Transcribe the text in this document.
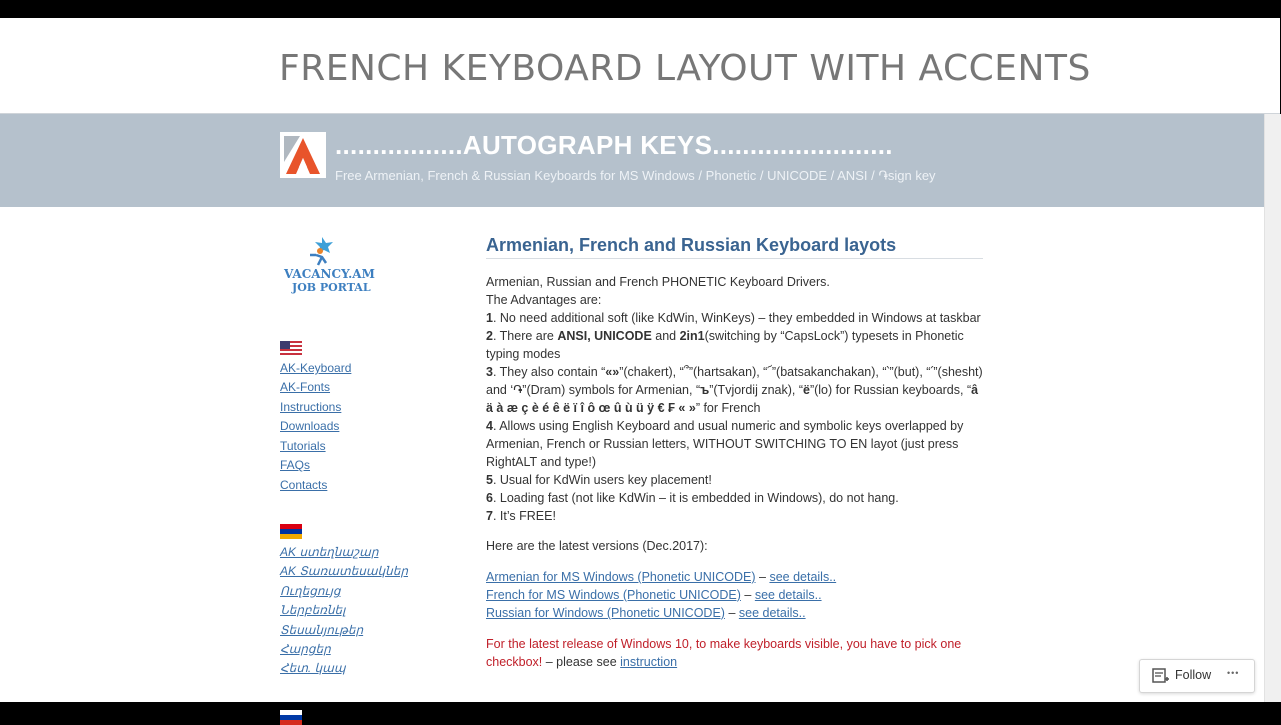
FRENCH KEYBOARD LAYOUT WITH ACCENTS
.................AUTOGRAPH KEYS........................
Free Armenian, French & Russian Keyboards for MS Windows / Phonetic / UNICODE / ANSI / ֏sign key
VACANCY.AM
JOB PORTAL
AK-Keyboard
AK-Fonts
Instructions
Downloads
Tutorials
FAQs
Contacts
AK ստեղնաշար
AK Տառատեսակներ
Ուղեցույց
Ներբեռնել
Տեսանյութեր
Հարցեր
Հետ. կապ
Armenian, French and Russian Keyboard layots

Armenian, Russian and French PHONETIC Keyboard Drivers.

The Advantages are:

1. No need additional soft (like KdWin, WinKeys) – they embedded in Windows at taskbar

2. There are ANSI, UNICODE and 2in1(switching by “CapsLock”) typesets in Phonetic typing modes

3. They also contain “«»”(chakert), “՞”(hartsakan), “՜”(batsakanchakan), “՝”(but), “՛”(shesht) and ‘֏”(Dram) symbols for Armenian, “ъ”(Tvjordij znak), “ё”(lo) for Russian keyboards, “â ä à æ ç è é ê ë ï î ô œ û ù ü ÿ € ₣ « »” for French

4. Allows using English Keyboard and usual numeric and symbolic keys overlapped by Armenian, French or Russian letters, WITHOUT SWITCHING TO EN layot (just press RightALT and type!)

5. Usual for KdWin users key placement!

6. Loading fast (not like KdWin – it is embedded in Windows), do not hang.

7. It’s FREE!

Here are the latest versions (Dec.2017):

Armenian for MS Windows (Phonetic UNICODE) – see details..

French for MS Windows (Phonetic UNICODE) – see details..

Russian for Windows (Phonetic UNICODE) – see details..

For the latest release of Windows 10, to make keyboards visible, you have to pick one checkbox! – please see instruction

Follow •••
